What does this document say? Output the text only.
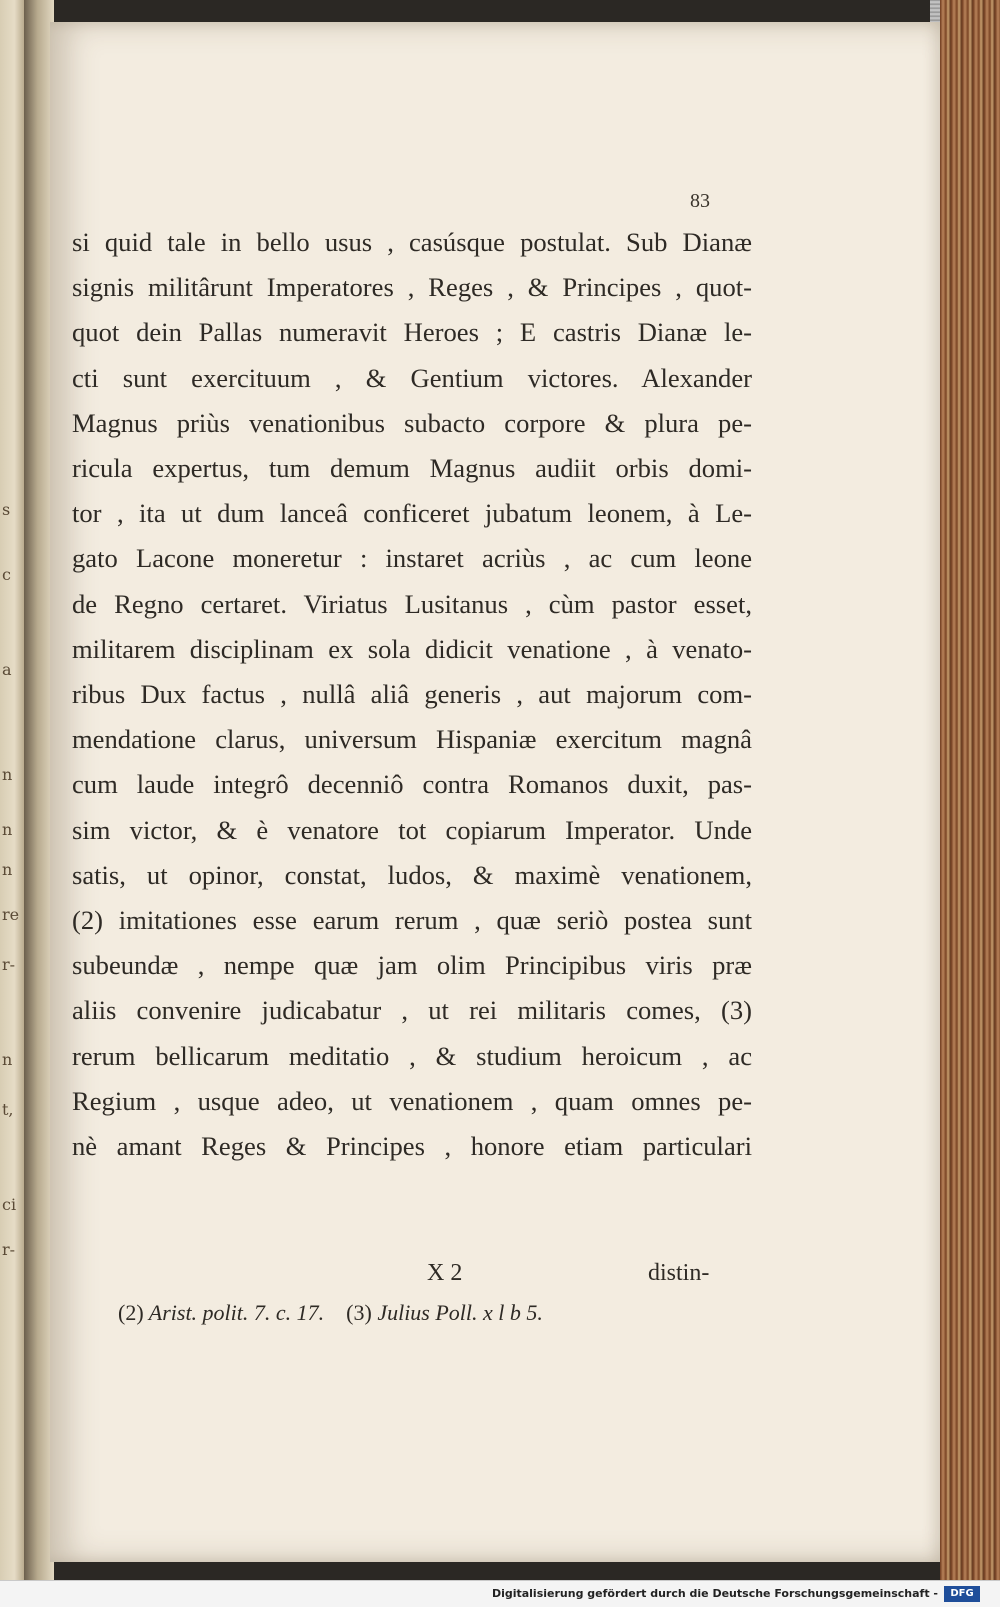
s
c
a
n
n
n
re
r-
n
t,
ci
r-
83
si quid tale in bello usus , casúsque postulat. Sub Dianæ
signis militârunt Imperatores , Reges , & Principes , quot-
quot dein Pallas numeravit Heroes ; E castris Dianæ le-
cti sunt exercituum , & Gentium victores. Alexander
Magnus priùs venationibus subacto corpore & plura pe-
ricula expertus, tum demum Magnus audiit orbis domi-
tor , ita ut dum lanceâ conficeret jubatum leonem, à Le-
gato Lacone moneretur : instaret acriùs , ac cum leone
de Regno certaret. Viriatus Lusitanus , cùm pastor esset,
militarem disciplinam ex sola didicit venatione , à venato-
ribus Dux factus , nullâ aliâ generis , aut majorum com-
mendatione clarus, universum Hispaniæ exercitum magnâ
cum laude integrô decenniô contra Romanos duxit, pas-
sim victor, & è venatore tot copiarum Imperator. Unde
satis, ut opinor, constat, ludos, & maximè venationem,
(2) imitationes esse earum rerum , quæ seriò postea sunt
subeundæ , nempe quæ jam olim Principibus viris præ
aliis convenire judicabatur , ut rei militaris comes, (3)
rerum bellicarum meditatio , & studium heroicum , ac
Regium , usque adeo, ut venationem , quam omnes pe-
nè amant Reges & Principes , honore etiam particulari
X 2	distin-
(2) Arist. polit. 7. c. 17. (3) Julius Poll. x l b 5.
Digitalisierung gefördert durch die Deutsche Forschungsgemeinschaft -	DFG
